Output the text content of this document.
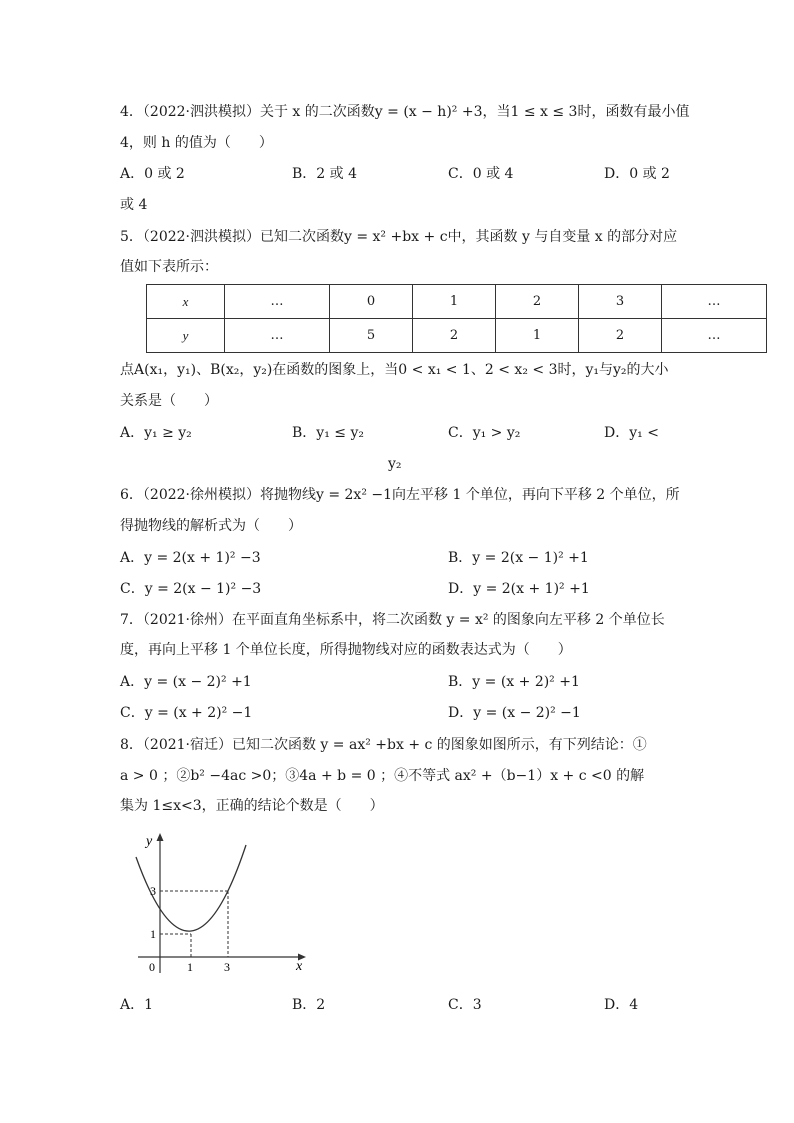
4．（2022·泗洪模拟）关于 x 的二次函数y = (x − h)² +3，当1 ≤ x ≤ 3时，函数有最小值
4，则 h 的值为（　　）
A．0 或 2	B．2 或 4	C．0 或 4	D．0 或 2
或 4
5．（2022·泗洪模拟）已知二次函数y = x² +bx + c中，其函数 y 与自变量 x 的部分对应
值如下表所示：
x	…	0	1	2	3	…
y	…	5	2	1	2	…
点A(x₁，y₁)、B(x₂，y₂)在函数的图象上，当0 < x₁ < 1、2 < x₂ < 3时，y₁与y₂的大小
关系是（　　）
A．y₁ ≥ y₂	B．y₁ ≤ y₂	C．y₁ > y₂	D．y₁ <
y₂
6．（2022·徐州模拟）将抛物线y = 2x² −1向左平移 1 个单位，再向下平移 2 个单位，所
得抛物线的解析式为（　　）
A．y = 2(x + 1)² −3	B．y = 2(x − 1)² +1
C．y = 2(x − 1)² −3	D．y = 2(x + 1)² +1
7．（2021·徐州）在平面直角坐标系中，将二次函数 y = x² 的图象向左平移 2 个单位长
度，再向上平移 1 个单位长度，所得抛物线对应的函数表达式为（　　）
A．y = (x − 2)² +1	B．y = (x + 2)² +1
C．y = (x + 2)² −1	D．y = (x − 2)² −1
8．（2021·宿迁）已知二次函数 y = ax² +bx + c 的图象如图所示，有下列结论：①
a > 0 ；②b² −4ac >0；③4a + b = 0 ；④不等式 ax² +（b−1）x + c <0 的解
集为 1≤x<3，正确的结论个数是（　　）
y
x
0	1	3
1
3
A．1	B．2	C．3	D．4
